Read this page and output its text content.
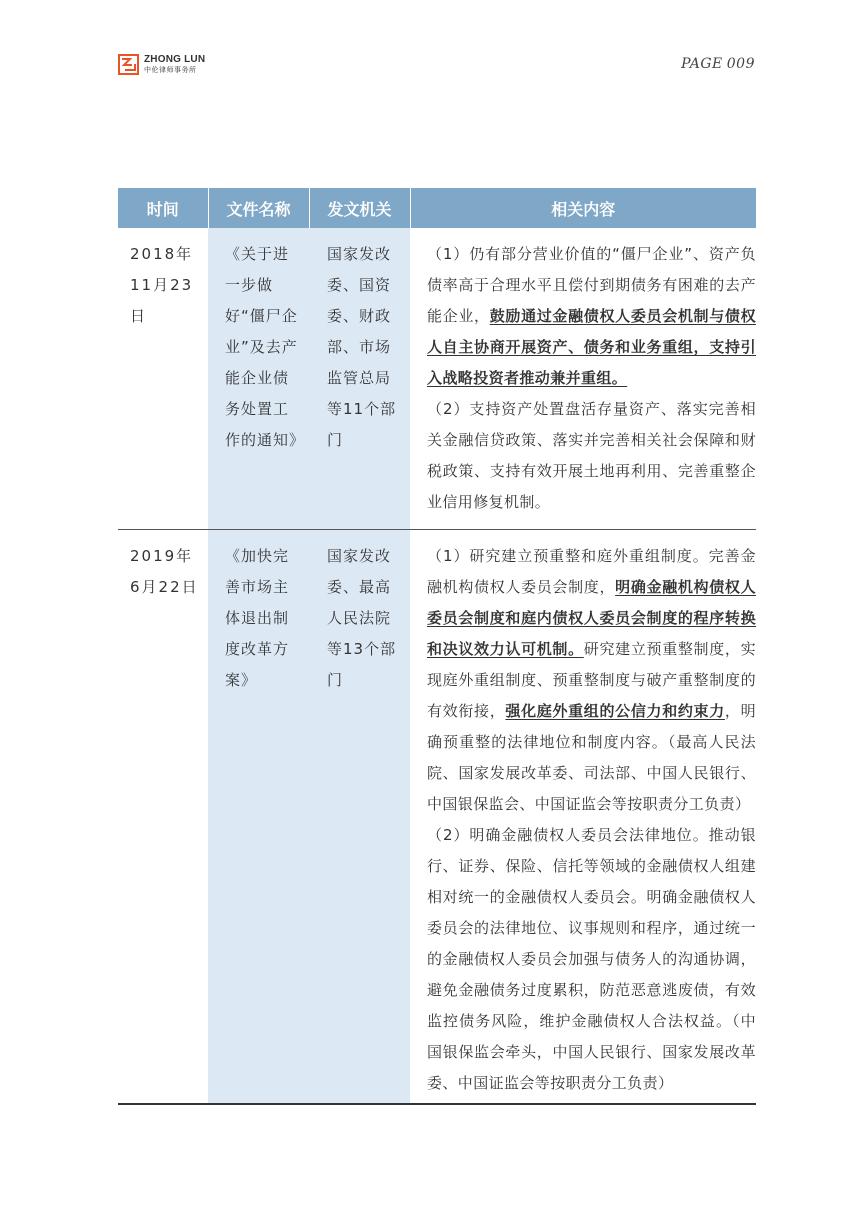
ZHONG LUN
中伦律师事务所	PAGE 009
时间	文件名称	发文机关	相关内容
2018年11月23日	《关于进一步做好“僵尸企业”及去产能企业债务处置工作的通知》	国家发改委、国资委、财政部、市场监管总局等11个部门	（1）仍有部分营业价值的“僵尸企业”、资产负债率高于合理水平且偿付到期债务有困难的去产能企业，鼓励通过金融债权人委员会机制与债权人自主协商开展资产、债务和业务重组，支持引入战略投资者推动兼并重组。

（2）支持资产处置盘活存量资产、落实完善相关金融信贷政策、落实并完善相关社会保障和财税政策、支持有效开展土地再利用、完善重整企业信用修复机制。

2019年6月22日	《加快完善市场主体退出制度改革方案》	国家发改委、最高人民法院等13个部门	（1）研究建立预重整和庭外重组制度。完善金融机构债权人委员会制度，明确金融机构债权人委员会制度和庭内债权人委员会制度的程序转换和决议效力认可机制。研究建立预重整制度，实现庭外重组制度、预重整制度与破产重整制度的有效衔接，强化庭外重组的公信力和约束力，明确预重整的法律地位和制度内容。（最高人民法院、国家发展改革委、司法部、中国人民银行、中国银保监会、中国证监会等按职责分工负责）

（2）明确金融债权人委员会法律地位。推动银行、证券、保险、信托等领域的金融债权人组建相对统一的金融债权人委员会。明确金融债权人委员会的法律地位、议事规则和程序，通过统一的金融债权人委员会加强与债务人的沟通协调，避免金融债务过度累积，防范恶意逃废债，有效监控债务风险，维护金融债权人合法权益。（中国银保监会牵头，中国人民银行、国家发展改革委、中国证监会等按职责分工负责）
